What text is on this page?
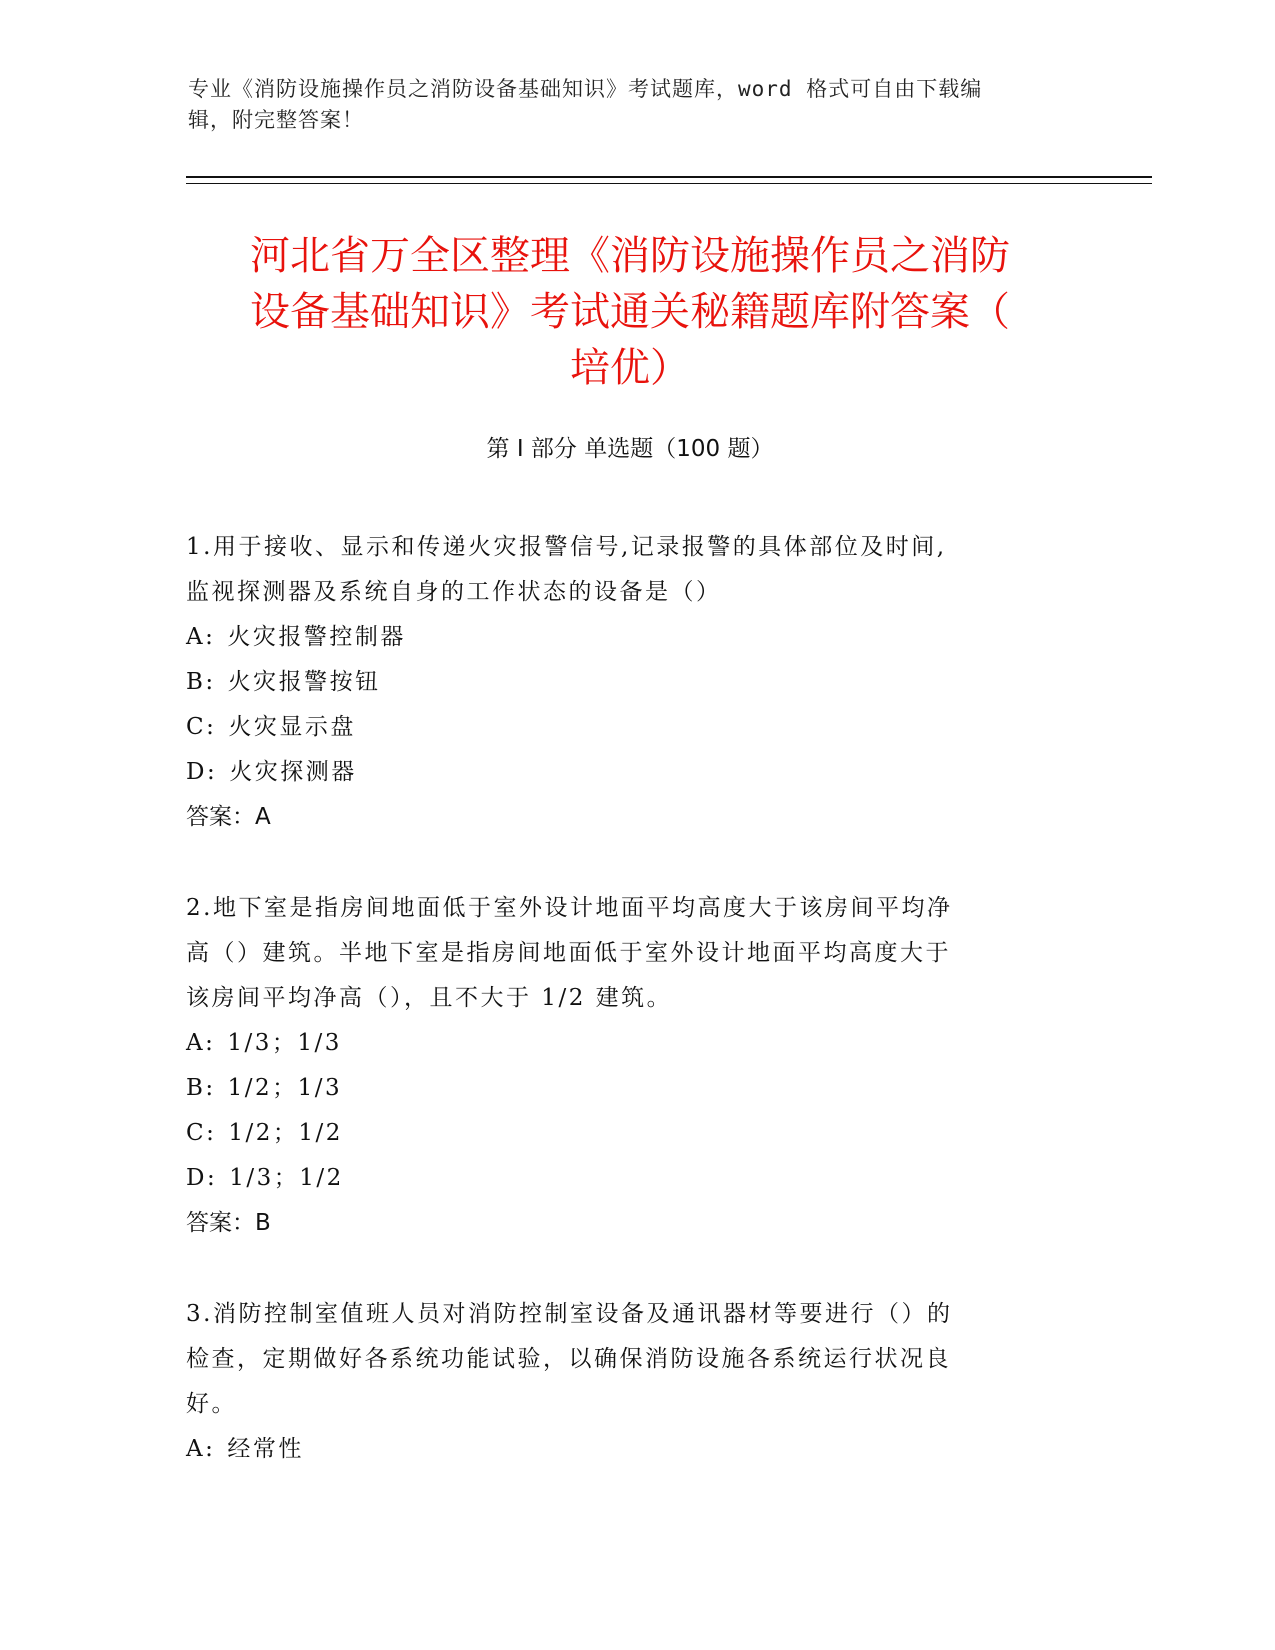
专业《消防设施操作员之消防设备基础知识》考试题库，word 格式可自由下载编
辑，附完整答案！
河北省万全区整理《消防设施操作员之消防
设备基础知识》考试通关秘籍题库附答案（
培优）
第 I 部分 单选题（100 题）
1.用于接收、显示和传递火灾报警信号,记录报警的具体部位及时间,
监视探测器及系统自身的工作状态的设备是（）
A: 火灾报警控制器
B: 火灾报警按钮
C: 火灾显示盘
D: 火灾探测器
答案：A
2.地下室是指房间地面低于室外设计地面平均高度大于该房间平均净
高（）建筑。半地下室是指房间地面低于室外设计地面平均高度大于
该房间平均净高（），且不大于 1/2 建筑。
A: 1/3；1/3
B: 1/2；1/3
C: 1/2；1/2
D: 1/3；1/2
答案：B
3.消防控制室值班人员对消防控制室设备及通讯器材等要进行（）的
检查，定期做好各系统功能试验，以确保消防设施各系统运行状况良
好。
A: 经常性
